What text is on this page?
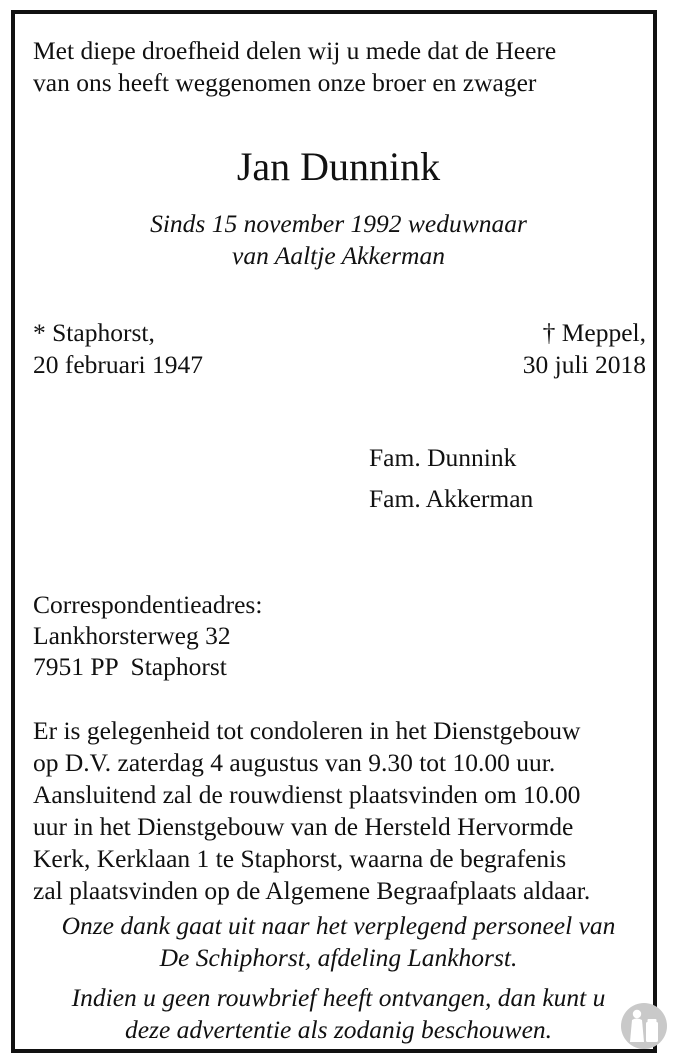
Met diepe droefheid delen wij u mede dat de Heere
van ons heeft weggenomen onze broer en zwager
Jan Dunnink
Sinds 15 november 1992 weduwnaar
van Aaltje Akkerman
* Staphorst,
20 februari 1947
† Meppel,
30 juli 2018
Fam. Dunnink
Fam. Akkerman
Correspondentieadres:
Lankhorsterweg 32
7951 PP  Staphorst
Er is gelegenheid tot condoleren in het Dienstgebouw
op D.V. zaterdag 4 augustus van 9.30 tot 10.00 uur.
Aansluitend zal de rouwdienst plaatsvinden om 10.00
uur in het Dienstgebouw van de Hersteld Hervormde
Kerk, Kerklaan 1 te Staphorst, waarna de begrafenis
zal plaatsvinden op de Algemene Begraafplaats aldaar.
Onze dank gaat uit naar het verplegend personeel van
De Schiphorst, afdeling Lankhorst.
Indien u geen rouwbrief heeft ontvangen, dan kunt u
deze advertentie als zodanig beschouwen.
